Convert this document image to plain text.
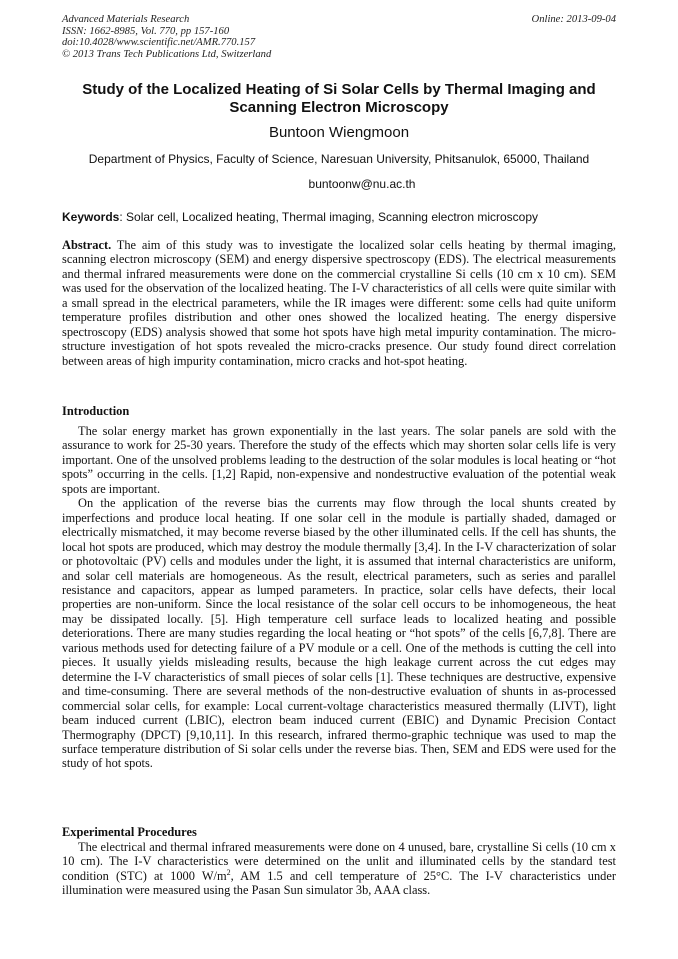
Advanced Materials Research
ISSN: 1662-8985, Vol. 770, pp 157-160
doi:10.4028/www.scientific.net/AMR.770.157
© 2013 Trans Tech Publications Ltd, Switzerland
Online: 2013-09-04
Study of the Localized Heating of Si Solar Cells by Thermal Imaging and Scanning Electron Microscopy
Buntoon Wiengmoon
Department of Physics, Faculty of Science, Naresuan University, Phitsanulok, 65000, Thailand
buntoonw@nu.ac.th
Keywords: Solar cell, Localized heating, Thermal imaging, Scanning electron microscopy
Abstract. The aim of this study was to investigate the localized solar cells heating by thermal imaging, scanning electron microscopy (SEM) and energy dispersive spectroscopy (EDS). The electrical measurements and thermal infrared measurements were done on the commercial crystalline Si cells (10 cm x 10 cm). SEM was used for the observation of the localized heating. The I-V characteristics of all cells were quite similar with a small spread in the electrical parameters, while the IR images were different: some cells had quite uniform temperature profiles distribution and other ones showed the localized heating. The energy dispersive spectroscopy (EDS) analysis showed that some hot spots have high metal impurity contamination. The micro-structure investigation of hot spots revealed the micro-cracks presence. Our study found direct correlation between areas of high impurity contamination, micro cracks and hot-spot heating.
Introduction

The solar energy market has grown exponentially in the last years. The solar panels are sold with the assurance to work for 25-30 years. Therefore the study of the effects which may shorten solar cells life is very important. One of the unsolved problems leading to the destruction of the solar modules is local heating or “hot spots” occurring in the cells. [1,2] Rapid, non-expensive and nondestructive evaluation of the potential weak spots are important.

On the application of the reverse bias the currents may flow through the local shunts created by imperfections and produce local heating. If one solar cell in the module is partially shaded, damaged or electrically mismatched, it may become reverse biased by the other illuminated cells. If the cell has shunts, the local hot spots are produced, which may destroy the module thermally [3,4]. In the I-V characterization of solar or photovoltaic (PV) cells and modules under the light, it is assumed that internal characteristics are uniform, and solar cell materials are homogeneous. As the result, electrical parameters, such as series and parallel resistance and capacitors, appear as lumped parameters. In practice, solar cells have defects, their local properties are non-uniform. Since the local resistance of the solar cell occurs to be inhomogeneous, the heat may be dissipated locally. [5]. High temperature cell surface leads to localized heating and possible deteriorations. There are many studies regarding the local heating or “hot spots” of the cells [6,7,8]. There are various methods used for detecting failure of a PV module or a cell. One of the methods is cutting the cell into pieces. It usually yields misleading results, because the high leakage current across the cut edges may determine the I-V characteristics of small pieces of solar cells [1]. These techniques are destructive, expensive and time-consuming. There are several methods of the non-destructive evaluation of shunts in as-processed commercial solar cells, for example: Local current-voltage characteristics measured thermally (LIVT), light beam induced current (LBIC), electron beam induced current (EBIC) and Dynamic Precision Contact Thermography (DPCT) [9,10,11]. In this research, infrared thermo-graphic technique was used to map the surface temperature distribution of Si solar cells under the reverse bias. Then, SEM and EDS were used for the study of hot spots.

Experimental Procedures

The electrical and thermal infrared measurements were done on 4 unused, bare, crystalline Si cells (10 cm x 10 cm). The I-V characteristics were determined on the unlit and illuminated cells by the standard test condition (STC) at 1000 $W/m^2$, AM 1.5 and cell temperature of 25°C. The I-V characteristics under illumination were measured using the Pasan Sun simulator 3b, AAA class.
